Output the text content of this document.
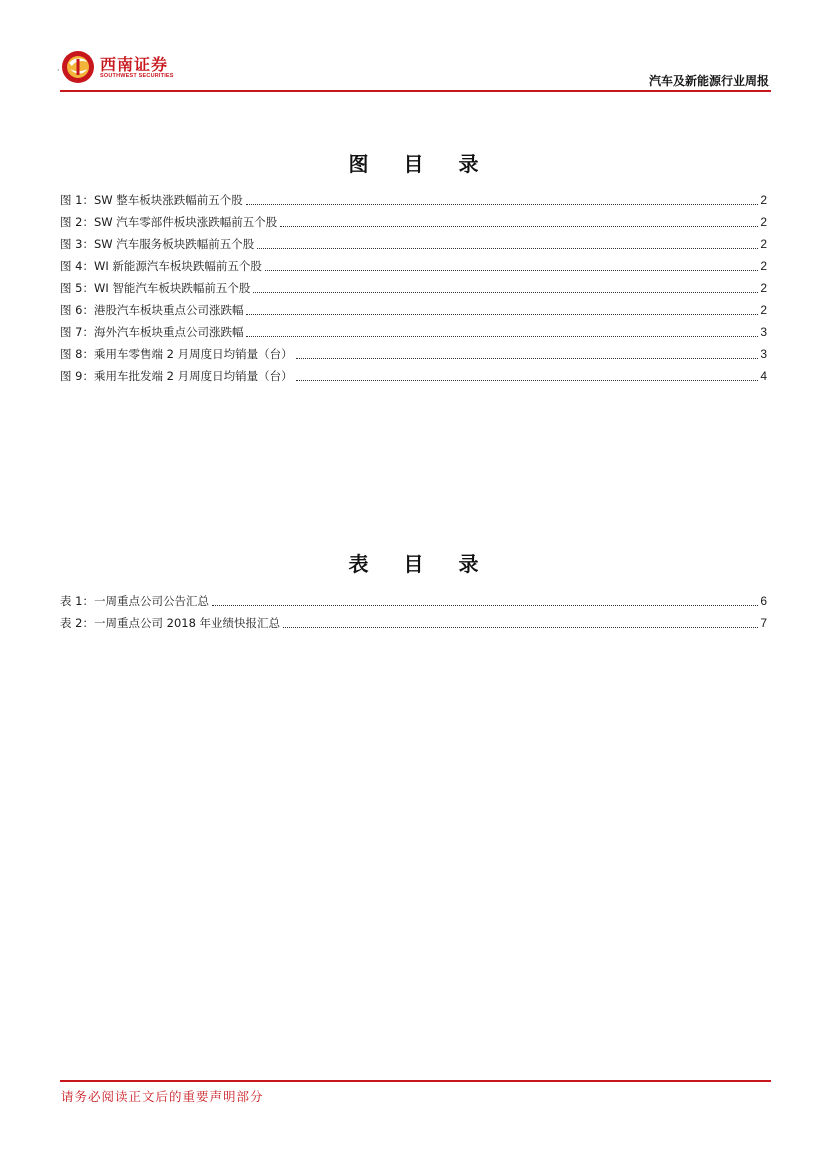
·	西南证券
SOUTHWEST SECURITIES	汽车及新能源行业周报
图 目 录
图 1：SW 整车板块涨跌幅前五个股	2
图 2：SW 汽车零部件板块涨跌幅前五个股	2
图 3：SW 汽车服务板块跌幅前五个股	2
图 4：WI 新能源汽车板块跌幅前五个股	2
图 5：WI 智能汽车板块跌幅前五个股	2
图 6：港股汽车板块重点公司涨跌幅	2
图 7：海外汽车板块重点公司涨跌幅	3
图 8：乘用车零售端 2 月周度日均销量（台）	3
图 9：乘用车批发端 2 月周度日均销量（台）	4
表 目 录
表 1：一周重点公司公告汇总	6
表 2：一周重点公司 2018 年业绩快报汇总	7
请务必阅读正文后的重要声明部分
